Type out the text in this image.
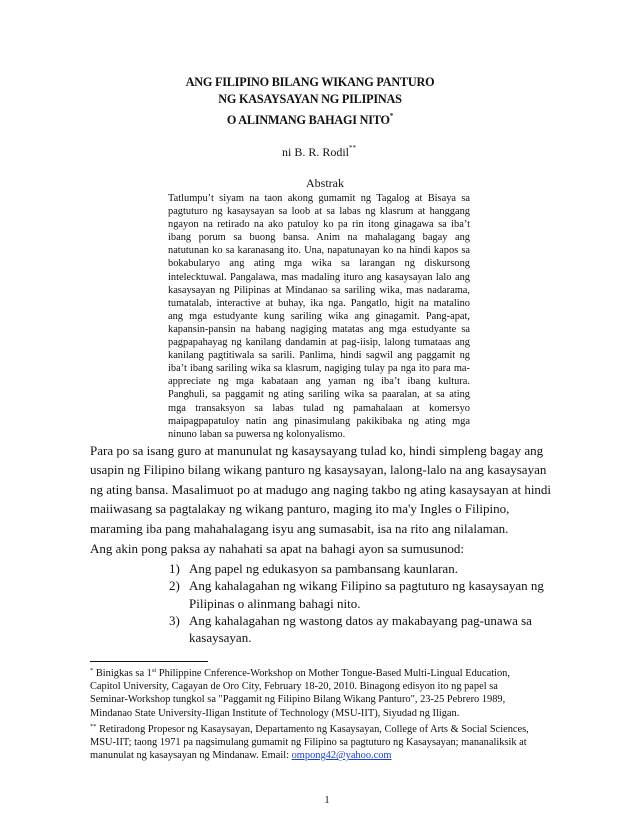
ANG FILIPINO BILANG WIKANG PANTURO
NG KASAYSAYAN NG PILIPINAS
O ALINMANG BAHAGI NITO*
ni B. R. Rodil**
Abstrak
Tatlumpu’t siyam na taon akong gumamit ng Tagalog at Bisaya sa
pagtuturo ng kasaysayan sa loob at sa labas ng klasrum at hanggang
ngayon na retirado na ako patuloy ko pa rin itong ginagawa sa iba’t
ibang porum sa buong bansa. Anim na mahalagang bagay ang
natutunan ko sa karanasang ito. Una, napatunayan ko na hindi kapos sa
bokabularyo ang ating mga wika sa larangan ng diskursong
intelecktuwal. Pangalawa, mas madaling ituro ang kasaysayan lalo ang
kasaysayan ng Pilipinas at Mindanao sa sariling wika, mas nadarama,
tumatalab, interactive at buhay, ika nga. Pangatlo, higit na matalino
ang mga estudyante kung sariling wika ang ginagamit. Pang-apat,
kapansin-pansin na habang nagiging matatas ang mga estudyante sa
pagpapahayag ng kanilang dandamin at pag-iisip, lalong tumataas ang
kanilang pagtitiwala sa sarili. Panlima, hindi sagwil ang paggamit ng
iba’t ibang sariling wika sa klasrum, nagiging tulay pa nga ito para ma-
appreciate ng mga kabataan ang yaman ng iba’t ibang kultura.
Panghuli, sa paggamit ng ating sariling wika sa paaralan, at sa ating
mga transaksyon sa labas tulad ng pamahalaan at komersyo
maipagpapatuloy natin ang pinasimulang pakikibaka ng ating mga
ninuno laban sa puwersa ng kolonyalismo.
Para po sa isang guro at manunulat ng kasaysayang tulad ko, hindi simpleng bagay ang
usapin ng Filipino bilang wikang panturo ng kasaysayan, lalong-lalo na ang kasaysayan
ng ating bansa. Masalimuot po at madugo ang naging takbo ng ating kasaysayan at hindi
maiiwasang sa pagtalakay ng wikang panturo, maging ito ma'y Ingles o Filipino,
maraming iba pang mahahalagang isyu ang sumasabit, isa na rito ang nilalaman.
Ang akin pong paksa ay nahahati sa apat na bahagi ayon sa sumusunod:
1) Ang papel ng edukasyon sa pambansang kaunlaran.
2) Ang kahalagahan ng wikang Filipino sa pagtuturo ng kasaysayan ng
Pilipinas o alinmang bahagi nito.
3) Ang kahalagahan ng wastong datos ay makabayang pag-unawa sa
kasaysayan.
* Binigkas sa 1st Philippine Cnference-Workshop on Mother Tongue-Based Multi-Lingual Education,
Capitol University, Cagayan de Oro City, February 18-20, 2010. Binagong edisyon ito ng papel sa
Seminar-Workshop tungkol sa "Paggamit ng Filipino Bilang Wikang Panturo", 23-25 Pebrero 1989,
Mindanao State University-Iligan Institute of Technology (MSU-IIT), Siyudad ng Iligan.
** Retiradong Propesor ng Kasaysayan, Departamento ng Kasaysayan, College of Arts & Social Sciences,
MSU-IIT; taong 1971 pa nagsimulang gumamit ng Filipino sa pagtuturo ng Kasaysayan; mananaliksik at
manunulat ng kasaysayan ng Mindanaw. Email: ompong42@yahoo.com
1
